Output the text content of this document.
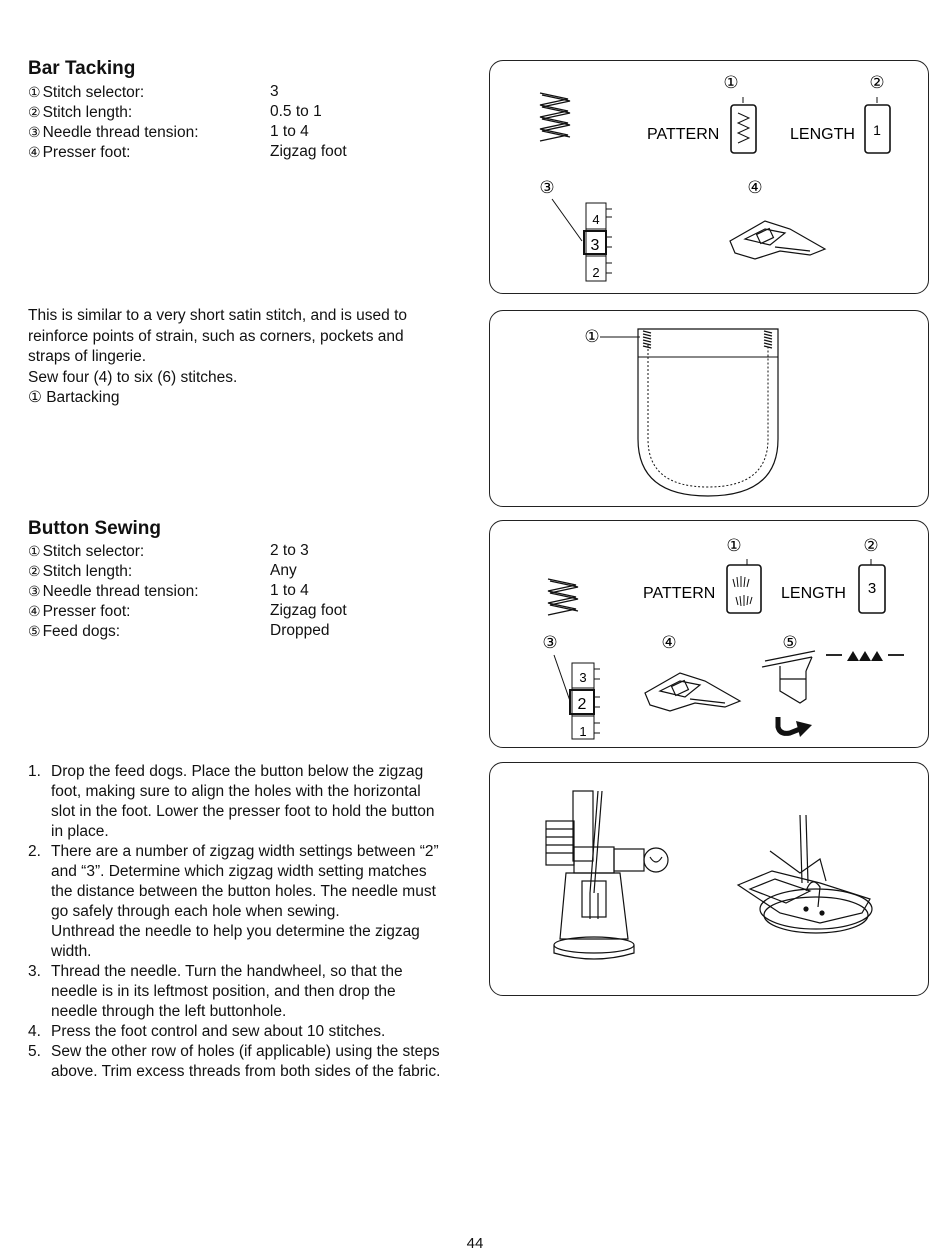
Bar Tacking
① Stitch selector:	3
② Stitch length:	0.5 to 1
③ Needle thread tension:	1 to 4
④ Presser foot:	Zigzag foot
①	②
PATTERN	LENGTH 1
③
4
3
2
④

This is similar to a very short satin stitch, and is used to

reinforce points of strain, such as corners, pockets and

straps of lingerie.

Sew four (4) to six (6) stitches.

① Bartacking

①
Button Sewing
① Stitch selector:	2 to 3
② Stitch length:	Any
③ Needle thread tension:	1 to 4
④ Presser foot:	Zigzag foot
⑤ Feed dogs:	Dropped
①	②
PATTERN	LENGTH 3
③
3
2
1
④	⑤
1. Drop the feed dogs. Place the button below the zigzag
foot, making sure to align the holes with the horizontal
slot in the foot. Lower the presser foot to hold the button
in place.
2. There are a number of zigzag width settings between “2”
and “3”. Determine which zigzag width setting matches
the distance between the button holes. The needle must
go safely through each hole when sewing.
Unthread the needle to help you determine the zigzag
width.
3. Thread the needle. Turn the handwheel, so that the
needle is in its leftmost position, and then drop the
needle through the left buttonhole.
4. Press the foot control and sew about 10 stitches.
5. Sew the other row of holes (if applicable) using the steps
above. Trim excess threads from both sides of the fabric.
44
